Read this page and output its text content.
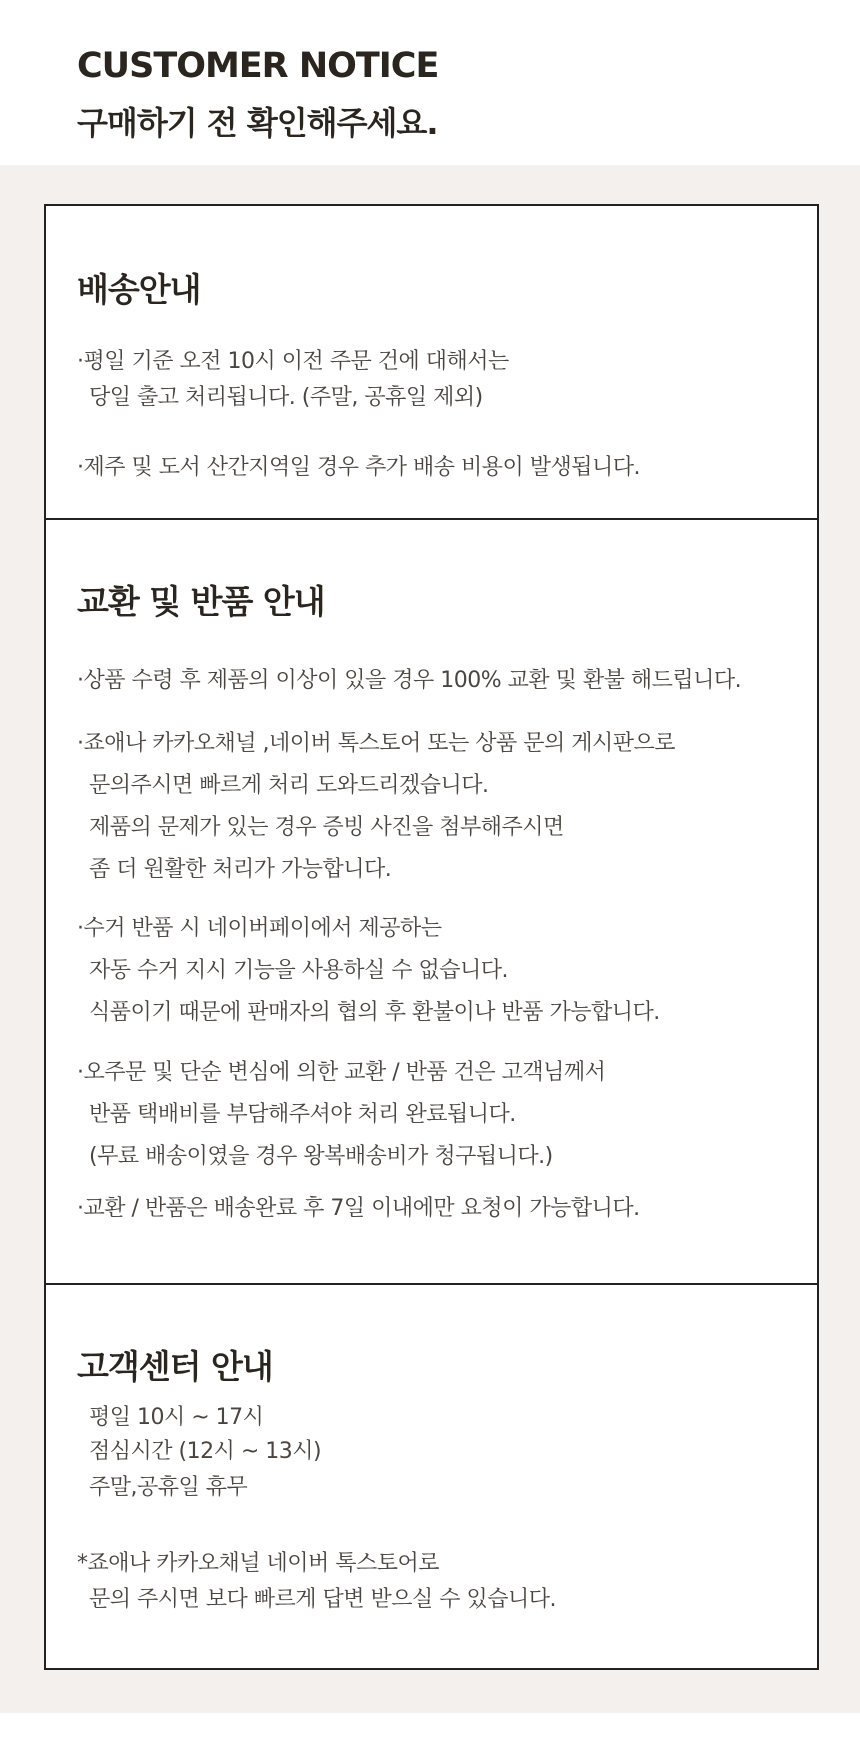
CUSTOMER NOTICE
구매하기 전 확인해주세요.
배송안내
·평일 기준 오전 10시 이전 주문 건에 대해서는
당일 출고 처리됩니다. (주말, 공휴일 제외)
·제주 및 도서 산간지역일 경우 추가 배송 비용이 발생됩니다.
교환 및 반품 안내
·상품 수령 후 제품의 이상이 있을 경우 100% 교환 및 환불 해드립니다.
·죠애나 카카오채널 ,네이버 톡스토어 또는 상품 문의 게시판으로
문의주시면 빠르게 처리 도와드리겠습니다.
제품의 문제가 있는 경우 증빙 사진을 첨부해주시면
좀 더 원활한 처리가 가능합니다.
·수거 반품 시 네이버페이에서 제공하는
자동 수거 지시 기능을 사용하실 수 없습니다.
식품이기 때문에 판매자의 협의 후 환불이나 반품 가능합니다.
·오주문 및 단순 변심에 의한 교환 / 반품 건은 고객님께서
반품 택배비를 부담해주셔야 처리 완료됩니다.
(무료 배송이였을 경우 왕복배송비가 청구됩니다.)
·교환 / 반품은 배송완료 후 7일 이내에만 요청이 가능합니다.
고객센터 안내
평일 10시 ~ 17시
점심시간 (12시 ~ 13시)
주말,공휴일 휴무
*죠애나 카카오채널 네이버 톡스토어로
문의 주시면 보다 빠르게 답변 받으실 수 있습니다.
